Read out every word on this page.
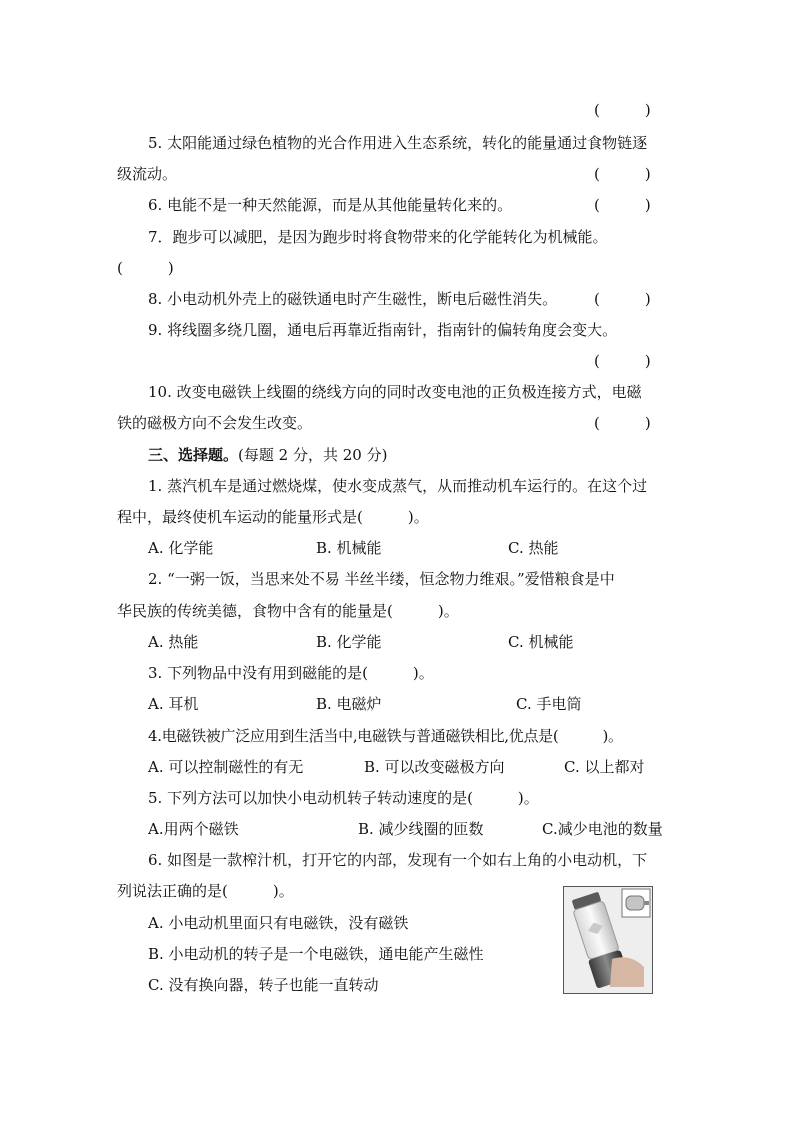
(　　　)
5. 太阳能通过绿色植物的光合作用进入生态系统，转化的能量通过食物链逐
级流动。	(　　　)
6. 电能不是一种天然能源，而是从其他能量转化来的。	(　　　)
7．跑步可以减肥，是因为跑步时将食物带来的化学能转化为机械能。
(　　　)
8. 小电动机外壳上的磁铁通电时产生磁性，断电后磁性消失。 (　　　)
9. 将线圈多绕几圈，通电后再靠近指南针，指南针的偏转角度会变大。
(　　　)
10. 改变电磁铁上线圈的绕线方向的同时改变电池的正负极连接方式，电磁
铁的磁极方向不会发生改变。	(　　　)
三、选择题。(每题 2 分，共 20 分)
1. 蒸汽机车是通过燃烧煤，使水变成蒸气，从而推动机车运行的。在这个过
程中，最终使机车运动的能量形式是(　　　)。
A. 化学能	B. 机械能	C. 热能
2. “一粥一饭，当思来处不易 半丝半缕，恒念物力维艰。”爱惜粮食是中
华民族的传统美德，食物中含有的能量是(　　　)。
A. 热能	B. 化学能	C. 机械能
3. 下列物品中没有用到磁能的是(　　　)。
A. 耳机	B. 电磁炉	C. 手电筒
4.电磁铁被广泛应用到生活当中,电磁铁与普通磁铁相比,优点是(　　　)。
A. 可以控制磁性的有无	B. 可以改变磁极方向	C. 以上都对
5. 下列方法可以加快小电动机转子转动速度的是(　　　)。
A.用两个磁铁	B. 减少线圈的匝数	C.减少电池的数量
6. 如图是一款榨汁机，打开它的内部，发现有一个如右上角的小电动机，下
列说法正确的是(　　　)。
A. 小电动机里面只有电磁铁，没有磁铁
B. 小电动机的转子是一个电磁铁，通电能产生磁性
C. 没有换向器，转子也能一直转动
